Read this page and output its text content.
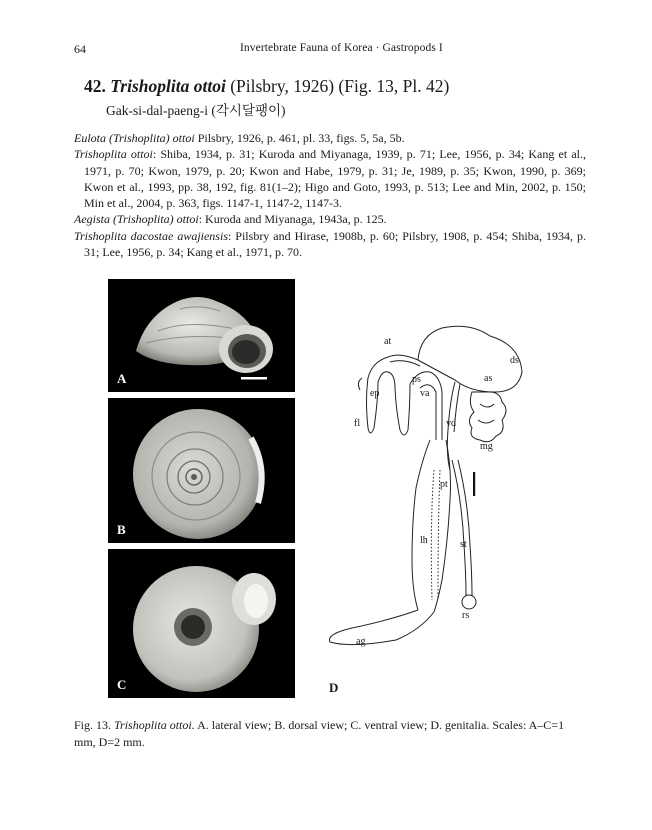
64	Invertebrate Fauna of Korea · Gastropods I
42. Trishoplita ottoi (Pilsbry, 1926) (Fig. 13, Pl. 42)
Gak-si-dal-paeng-i (각시달팽이)

Eulota (Trishoplita) ottoi Pilsbry, 1926, p. 461, pl. 33, figs. 5, 5a, 5b.

Trishoplita ottoi: Shiba, 1934, p. 31; Kuroda and Miyanaga, 1939, p. 71; Lee, 1956, p. 34; Kang et al., 1971, p. 70; Kwon, 1979, p. 20; Kwon and Habe, 1979, p. 31; Je, 1989, p. 35; Kwon, 1990, p. 369; Kwon et al., 1993, pp. 38, 192, fig. 81(1–2); Higo and Goto, 1993, p. 513; Lee and Min, 2002, p. 150; Min et al., 2004, p. 363, figs. 1147-1, 1147-2, 1147-3.

Aegista (Trishoplita) ottoi: Kuroda and Miyanaga, 1943a, p. 125.

Trishoplita dacostae awajiensis: Pilsbry and Hirase, 1908b, p. 60; Pilsbry, 1908, p. 454; Shiba, 1934, p. 31; Lee, 1956, p. 34; Kang et al., 1971, p. 70.

A
B
C
at
ds
ps	as
ep	va
fl	vd
mg
pt
lh	st
rs
ag
D
Fig. 13. Trishoplita ottoi. A. lateral view; B. dorsal view; C. ventral view; D. genitalia. Scales: A–C=1 mm, D=2 mm.
